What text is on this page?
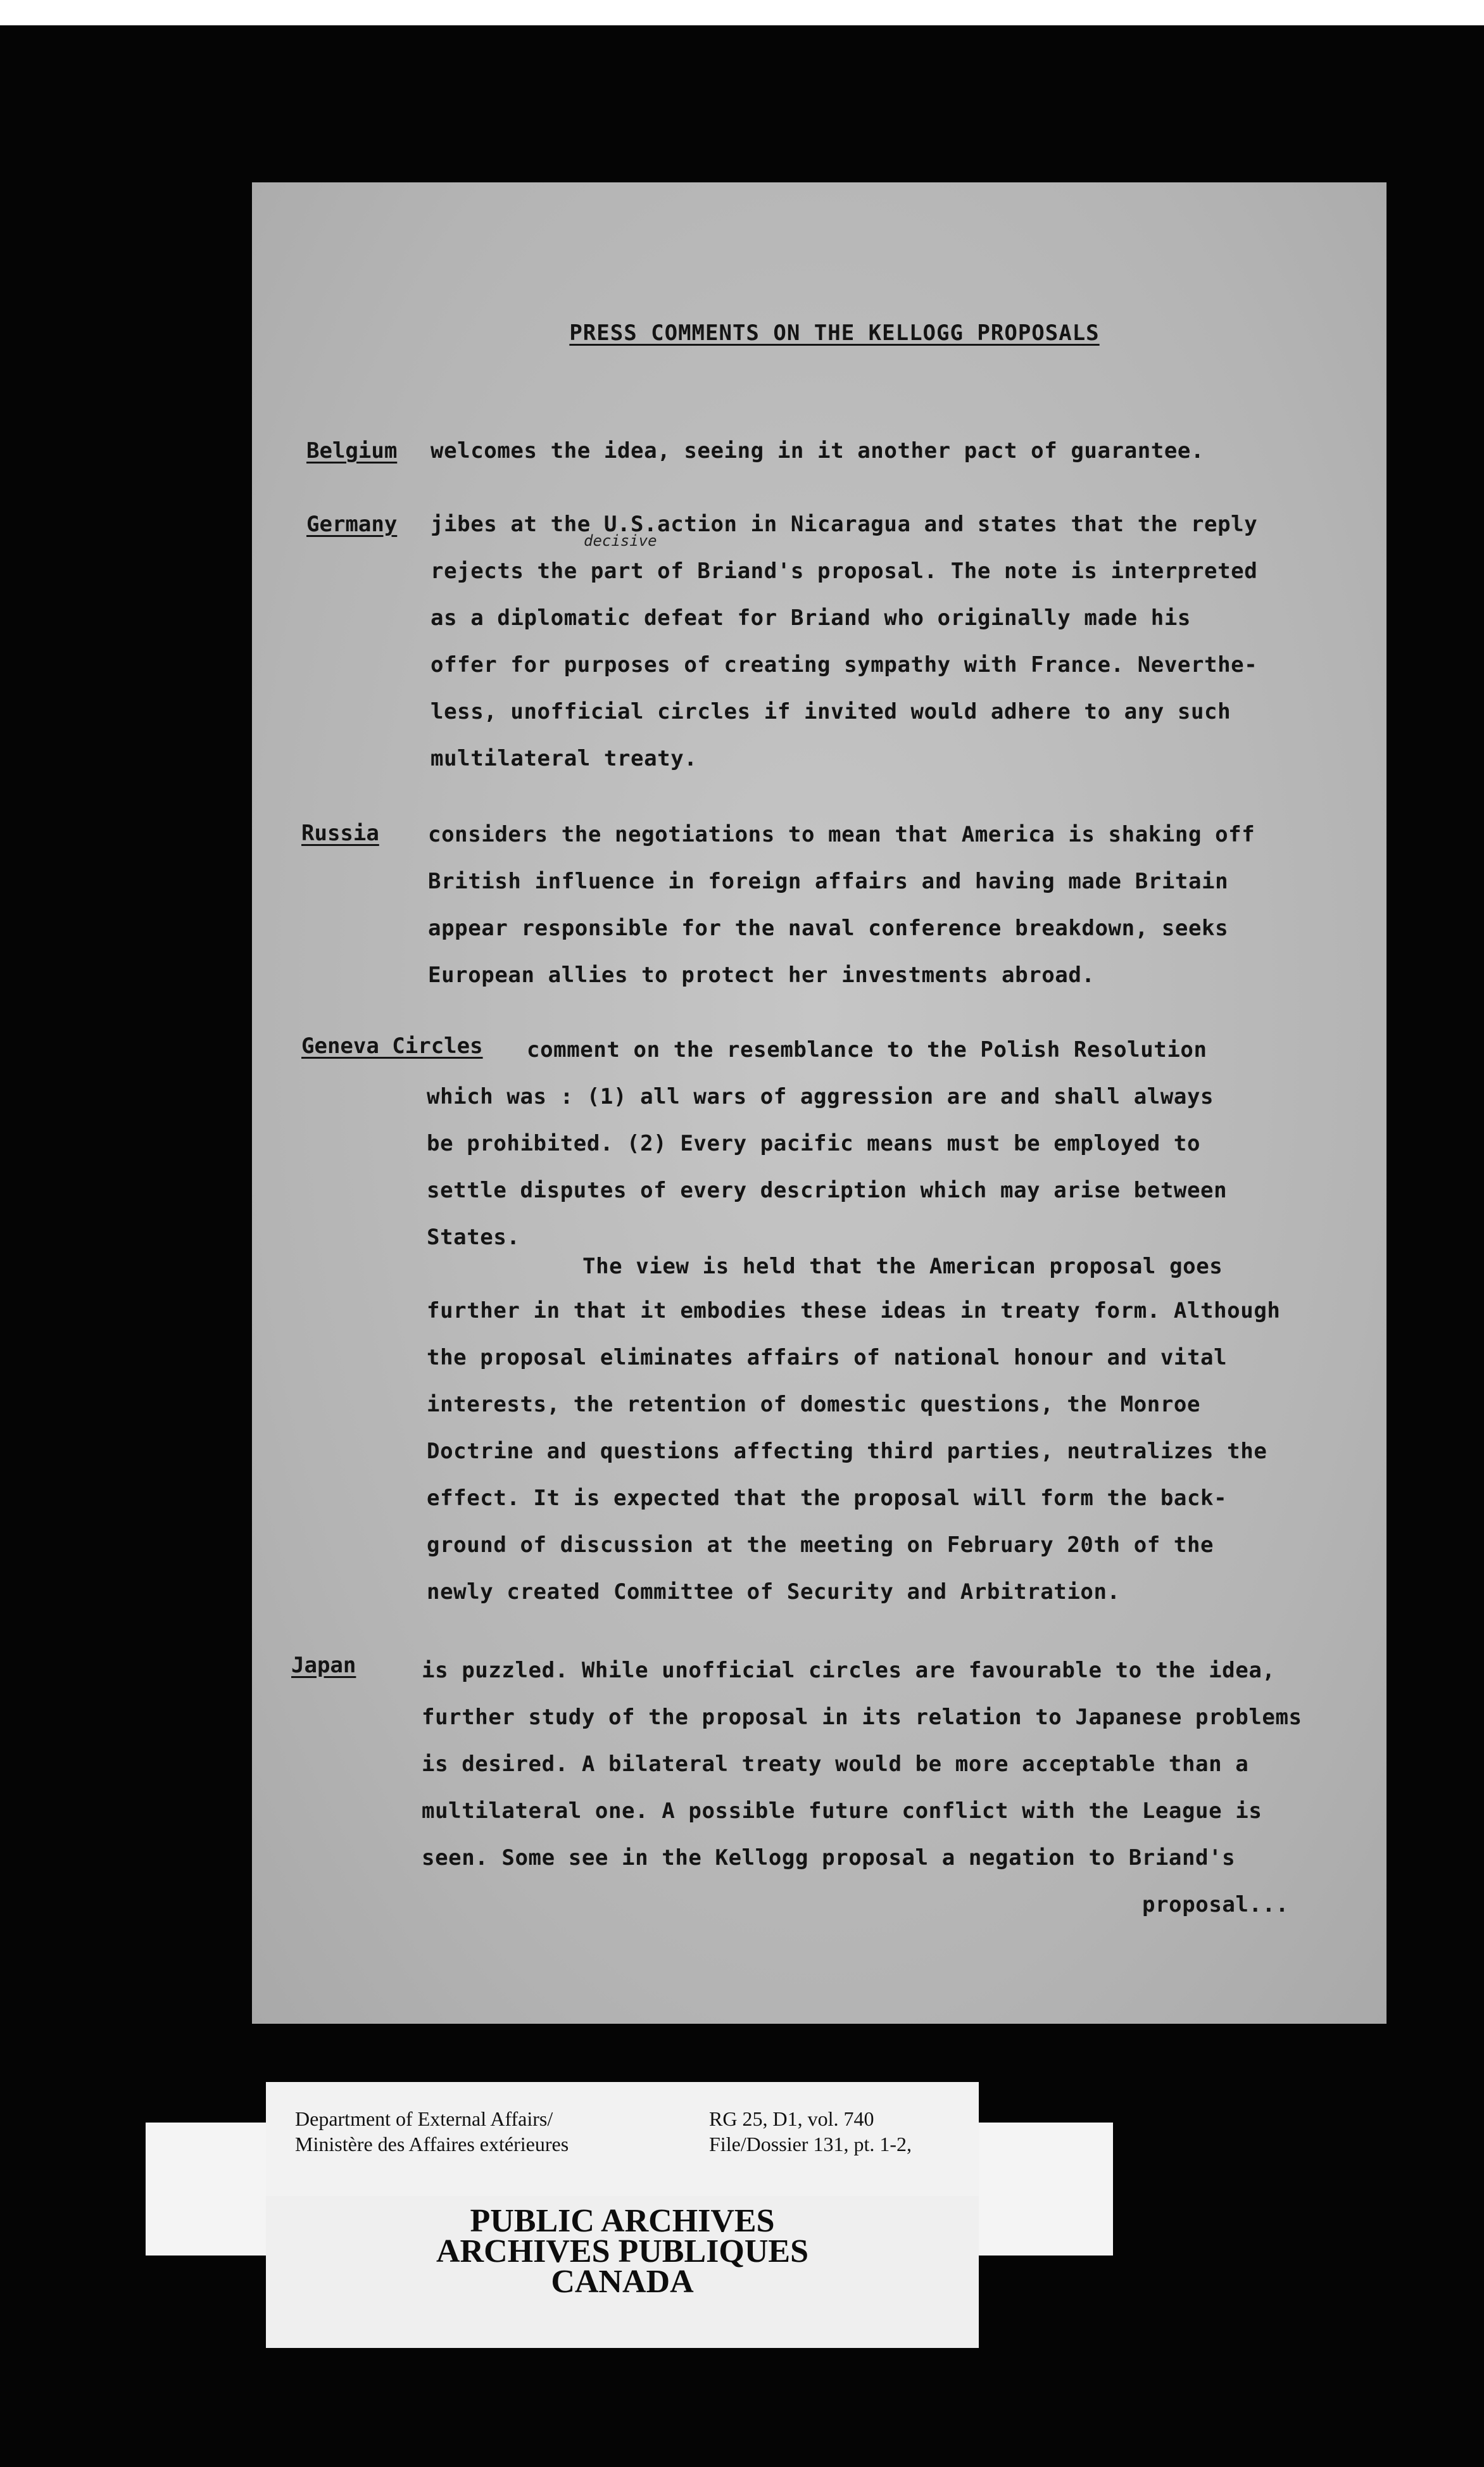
PRESS COMMENTS ON THE KELLOGG PROPOSALS
Belgium welcomes the idea, seeing in it another pact of guarantee.
Germany
decisive
jibes at the U.S.action in Nicaragua and states that the reply
rejects the part of Briand's proposal. The note is interpreted
as a diplomatic defeat for Briand who originally made his
offer for purposes of creating sympathy with France. Neverthe-
less, unofficial circles if invited would adhere to any such
multilateral treaty.
Russia considers the negotiations to mean that America is shaking off
British influence in foreign affairs and having made Britain
appear responsible for the naval conference breakdown, seeks
European allies to protect her investments abroad.
Geneva Circles comment on the resemblance to the Polish Resolution
which was : (1) all wars of aggression are and shall always
be prohibited. (2) Every pacific means must be employed to
settle disputes of every description which may arise between
States.
The view is held that the American proposal goes
further in that it embodies these ideas in treaty form. Although
the proposal eliminates affairs of national honour and vital
interests, the retention of domestic questions, the Monroe
Doctrine and questions affecting third parties, neutralizes the
effect. It is expected that the proposal will form the back-
ground of discussion at the meeting on February 20th of the
newly created Committee of Security and Arbitration.
Japan	is puzzled. While unofficial circles are favourable to the idea,
further study of the proposal in its relation to Japanese problems
is desired. A bilateral treaty would be more acceptable than a
multilateral one. A possible future conflict with the League is
seen. Some see in the Kellogg proposal a negation to Briand's
proposal...
Department of External Affairs/
Ministère des Affaires extérieures
RG 25, D1, vol. 740
File/Dossier 131, pt. 1-2,
PUBLIC ARCHIVES
ARCHIVES PUBLIQUES
CANADA
